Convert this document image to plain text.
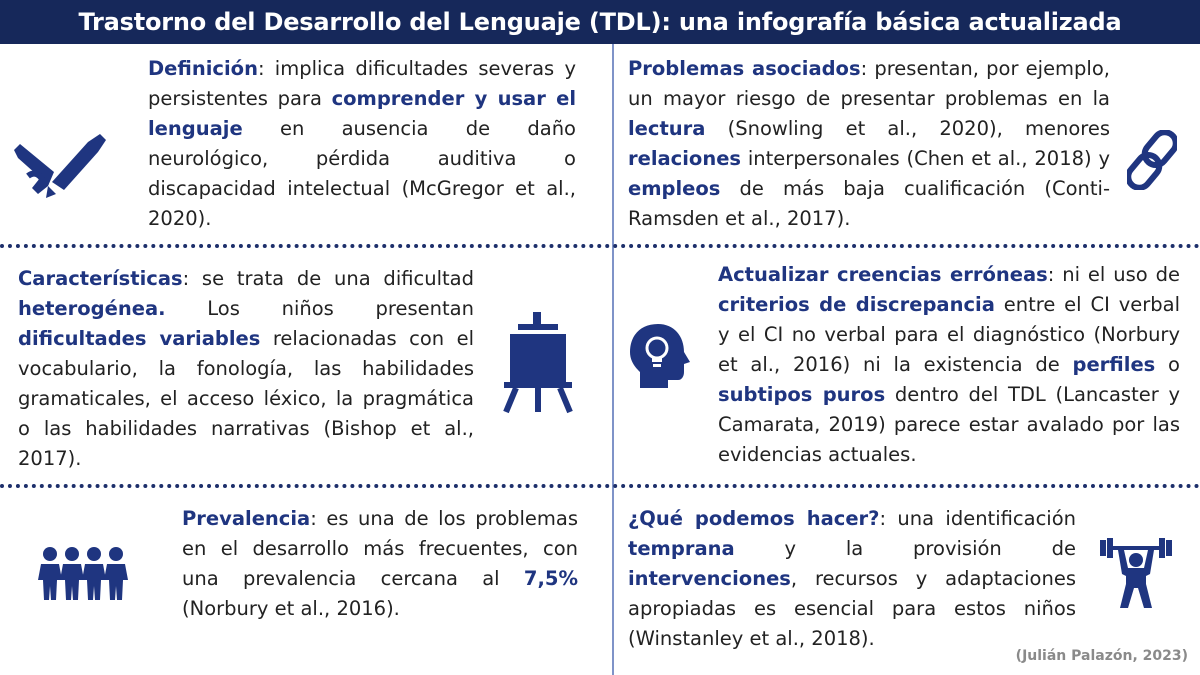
Trastorno del Desarrollo del Lenguaje (TDL): una infografía básica actualizada
Definición: implica dificultades severas y persistentes para comprender y usar el lenguaje en ausencia de daño neurológico, pérdida auditiva o discapacidad intelectual (McGregor et al., 2020).
Problemas asociados: presentan, por ejemplo, un mayor riesgo de presentar problemas en la lectura (Snowling et al., 2020), menores relaciones interpersonales (Chen et al., 2018) y empleos de más baja cualificación (Conti-Ramsden et al., 2017).
Características: se trata de una dificultad heterogénea. Los niños presentan dificultades variables relacionadas con el vocabulario, la fonología, las habilidades gramaticales, el acceso léxico, la pragmática o las habilidades narrativas (Bishop et al., 2017).
Actualizar creencias erróneas: ni el uso de criterios de discrepancia entre el CI verbal y el CI no verbal para el diagnóstico (Norbury et al., 2016) ni la existencia de perfiles o subtipos puros dentro del TDL (Lancaster y Camarata, 2019) parece estar avalado por las evidencias actuales.
Prevalencia: es una de los problemas en el desarrollo más frecuentes, con una prevalencia cercana al 7,5% (Norbury et al., 2016).
¿Qué podemos hacer?: una identificación temprana y la provisión de intervenciones, recursos y adaptaciones apropiadas es esencial para estos niños (Winstanley et al., 2018).
(Julián Palazón, 2023)
